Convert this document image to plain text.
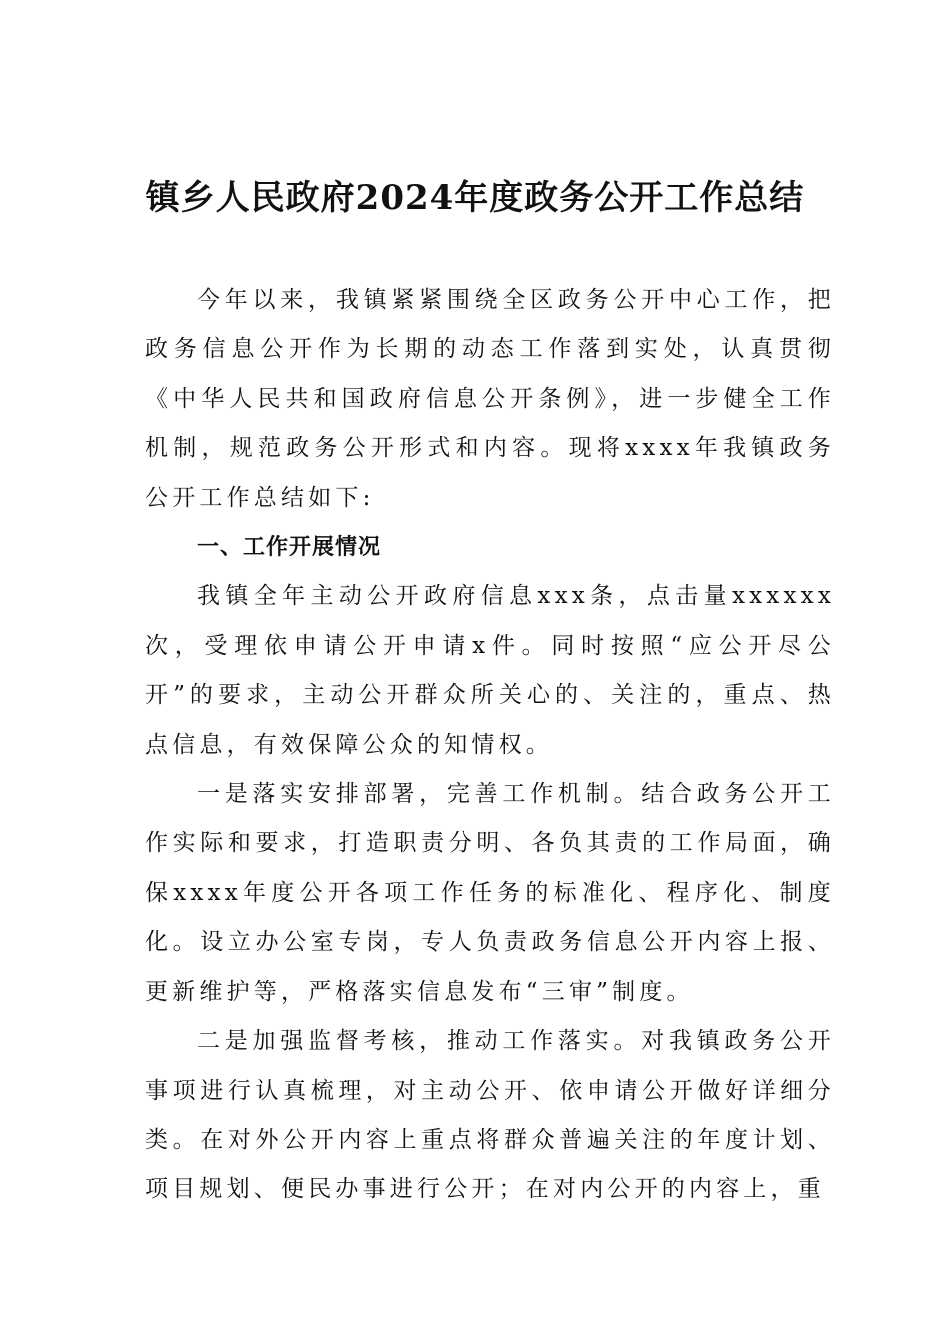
镇乡人民政府2024年度政务公开工作总结

今年以来，我镇紧紧围绕全区政务公开中心工作，把政务信息公开作为长期的动态工作落到实处，认真贯彻《中华人民共和国政府信息公开条例》，进一步健全工作机制，规范政务公开形式和内容。现将xxxx年我镇政务公开工作总结如下:

一、工作开展情况

我镇全年主动公开政府信息xxx条，点击量xxxxxx次，受理依申请公开申请x件。同时按照“应公开尽公开”的要求，主动公开群众所关心的、关注的，重点、热点信息，有效保障公众的知情权。

一是落实安排部署，完善工作机制。结合政务公开工作实际和要求，打造职责分明、各负其责的工作局面，确保xxxx年度公开各项工作任务的标准化、程序化、制度化。设立办公室专岗，专人负责政务信息公开内容上报、更新维护等，严格落实信息发布“三审”制度。

二是加强监督考核，推动工作落实。对我镇政务公开事项进行认真梳理，对主动公开、依申请公开做好详细分类。在对外公开内容上重点将群众普遍关注的年度计划、项目规划、便民办事进行公开；在对内公开的内容上，重
